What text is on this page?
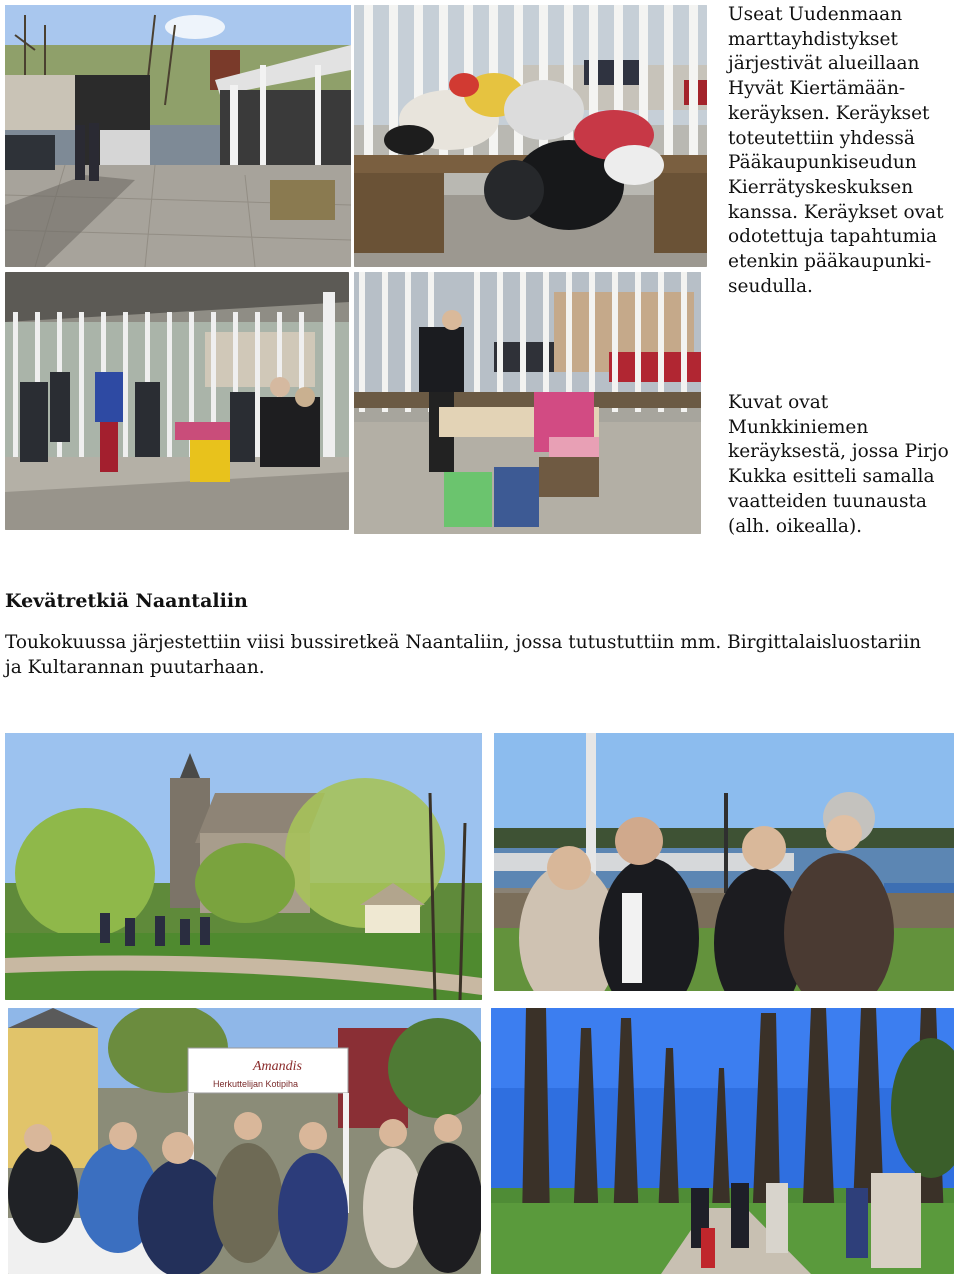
Useat Uudenmaan marttayhdistykset järjestivät alueillaan Hyvät Kiertämään-keräyksen. Keräykset toteutettiin yhdessä Pääkaupunkiseudun Kierrätyskeskuksen kanssa. Keräykset ovat odotettuja tapahtumia etenkin pääkaupunki-seudulla.

Kuvat ovat Munkkiniemen keräyksestä, jossa Pirjo Kukka esitteli samalla vaatteiden tuunausta (alh. oikealla).

Kevätretkiä Naantaliin

Toukokuussa järjestettiin viisi bussiretkeä Naantaliin, jossa tutustuttiin mm. Birgittalaisluostariin ja Kultarannan puutarhaan.

Amandis
Herkuttelijan Kotipiha
